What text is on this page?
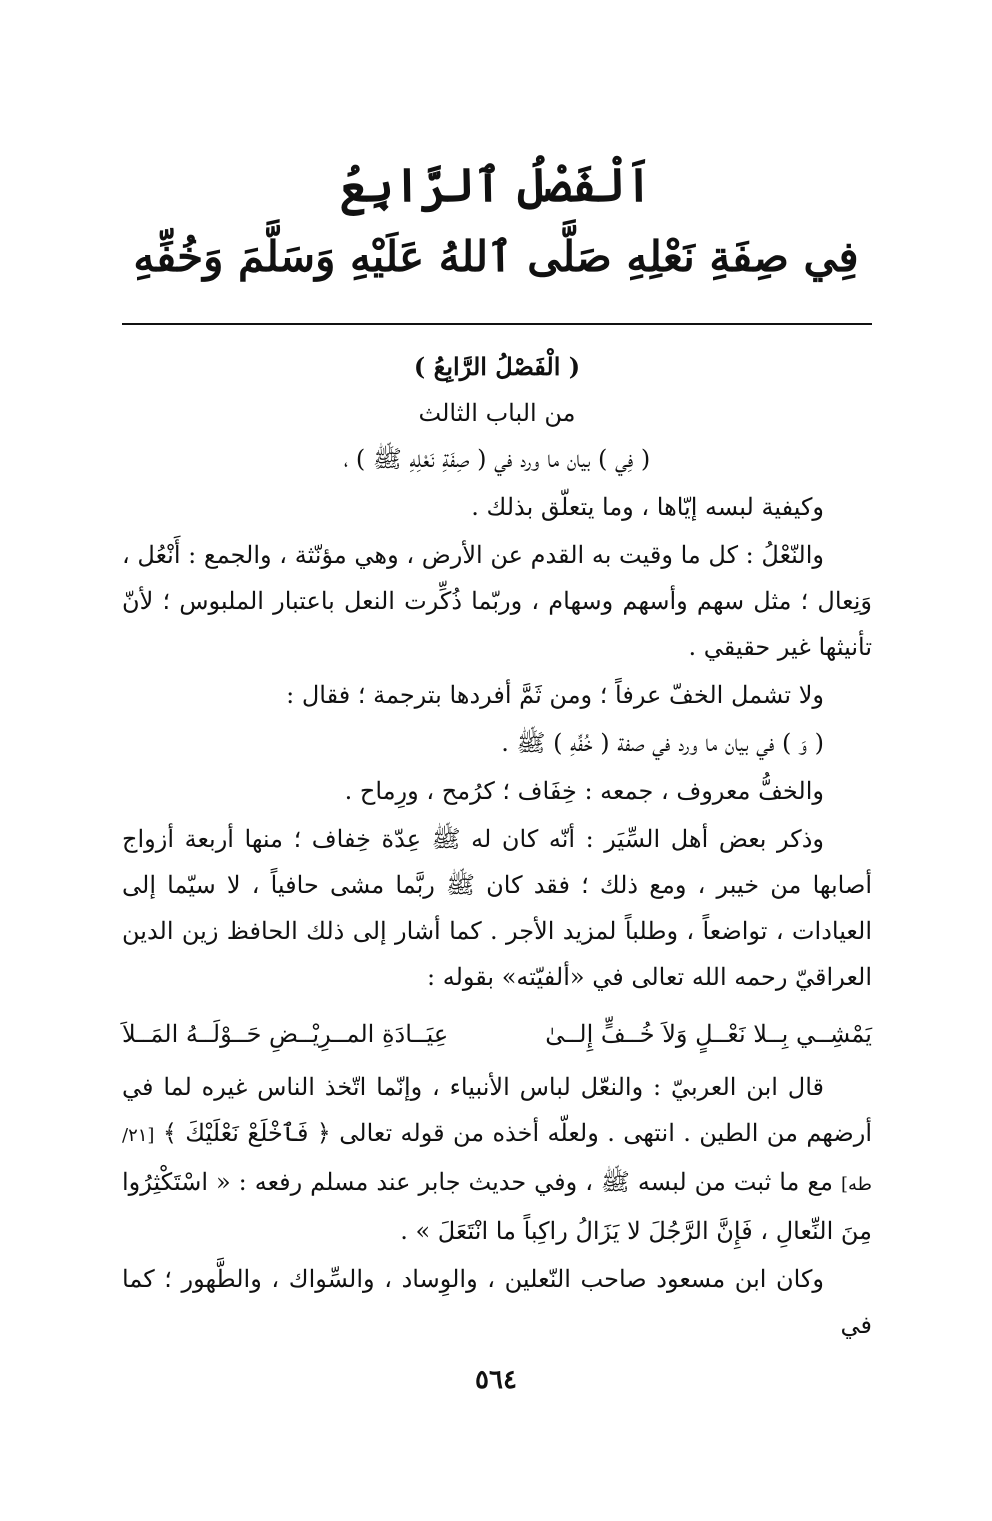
اَلْفَصْلُ ٱلرَّابِعُ
فِي صِفَةِ نَعْلِهِ صَلَّى ٱللهُ عَلَيْهِ وَسَلَّمَ وَخُفِّهِ
( الْفَصْلُ الرَّابِعُ )
من الباب الثالث
( فِي ) بيان ما ورد في ( صِفَةِ نَعْلِهِ ﷺ ) ،

وكيفية لبسه إيّاها ، وما يتعلّق بذلك .

والنّعْلُ : كل ما وقيت به القدم عن الأرض ، وهي مؤنّثة ، والجمع : أَنْعُل ، وَنِعال ؛ مثل سهم وأسهم وسهام ، وربّما ذُكِّرت النعل باعتبار الملبوس ؛ لأنّ تأنيثها غير حقيقي .

ولا تشمل الخفّ عرفاً ؛ ومن ثَمَّ أفردها بترجمة ؛ فقال :

( وَ ) في بيان ما ورد في صفة ( خُفِّهِ ) ﷺ .

والخفُّ معروف ، جمعه : خِفَاف ؛ كرُمح ، ورِماح .

وذكر بعض أهل السِّيَر : أنّه كان له ﷺ عِدّة خِفاف ؛ منها أربعة أزواج أصابها من خيبر ، ومع ذلك ؛ فقد كان ﷺ ربَّما مشى حافياً ، لا سيّما إلى العيادات ، تواضعاً ، وطلباً لمزيد الأجر . كما أشار إلى ذلك الحافظ زين الدين العراقيّ رحمه الله تعالى في «ألفيّته» بقوله :

يَمْشِــي بِــلا نَعْــلٍ وَلاَ خُــفٍّ إِلــىٰ
عِيَــادَةِ المــرِيْــضِ حَــوْلَــهُ المَــلاَ

قال ابن العربيّ : والنعّل لباس الأنبياء ، وإنّما اتّخذ الناس غيره لما في أرضهم من الطين . انتهى . ولعلّه أخذه من قوله تعالى ﴿ فَٱخْلَعْ نَعْلَيْكَ ﴾ [٢١/طه] مع ما ثبت من لبسه ﷺ ، وفي حديث جابر عند مسلم رفعه : « اسْتَكْثِرُوا مِنَ النِّعالِ ، فَإِنَّ الرَّجُلَ لا يَزَالُ راكِباً ما انْتَعَلَ » .

وكان ابن مسعود صاحب النّعلين ، والوِساد ، والسِّواك ، والطَّهور ؛ كما في

٥٦٤
